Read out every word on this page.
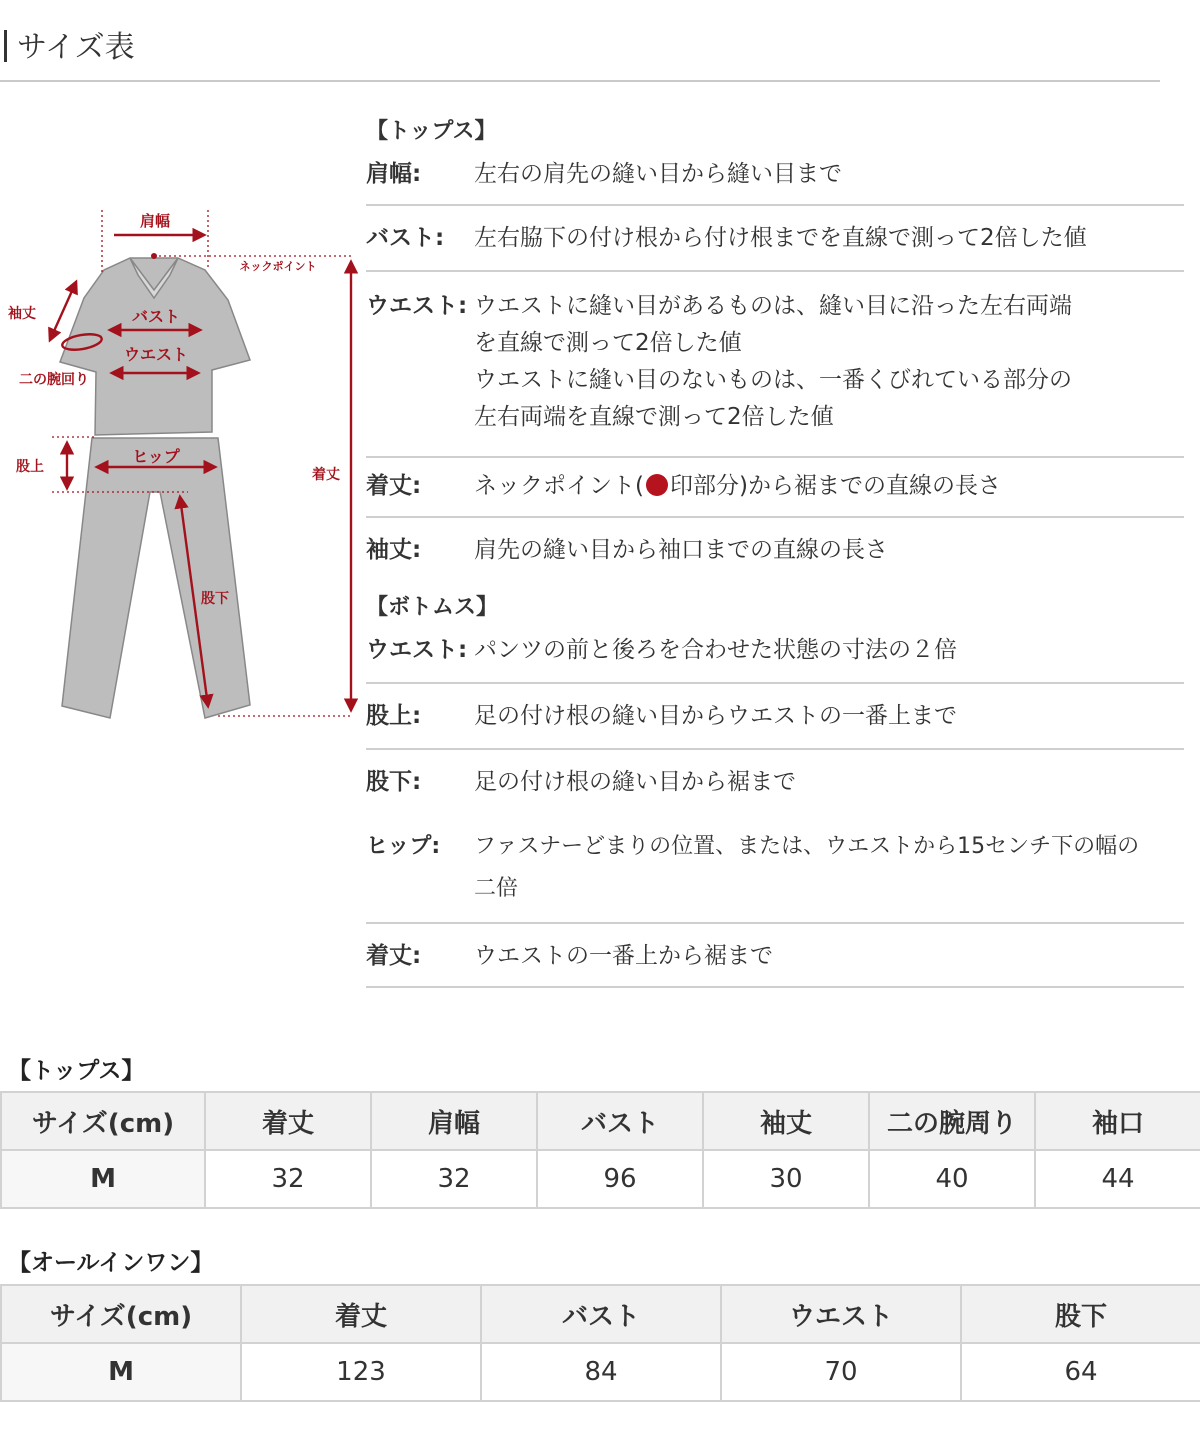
サイズ表
肩幅
ネックポイント
袖丈	バスト
ウエスト
二の腕回り
股上
ヒップ
着丈
股下
【トップス】
肩幅:	左右の肩先の縫い目から縫い目まで
バスト:	左右脇下の付け根から付け根までを直線で測って2倍した値
ウエスト: ウエストに縫い目があるものは、縫い目に沿った左右両端
を直線で測って2倍した値
ウエストに縫い目のないものは、一番くびれている部分の
左右両端を直線で測って2倍した値
着丈:	ネックポイント( 印部分)から裾までの直線の長さ
袖丈:	肩先の縫い目から袖口までの直線の長さ
【ボトムス】
ウエスト: パンツの前と後ろを合わせた状態の寸法の２倍
股上:	足の付け根の縫い目からウエストの一番上まで
股下:	足の付け根の縫い目から裾まで
ヒップ:	ファスナーどまりの位置、または、ウエストから15センチ下の幅の
二倍
着丈:	ウエストの一番上から裾まで
【トップス】
サイズ(cm)	着丈	肩幅	バスト	袖丈	二の腕周り	袖口
M	32	32	96	30	40	44
【オールインワン】
サイズ(cm)	着丈	バスト	ウエスト	股下
M	123	84	70	64
